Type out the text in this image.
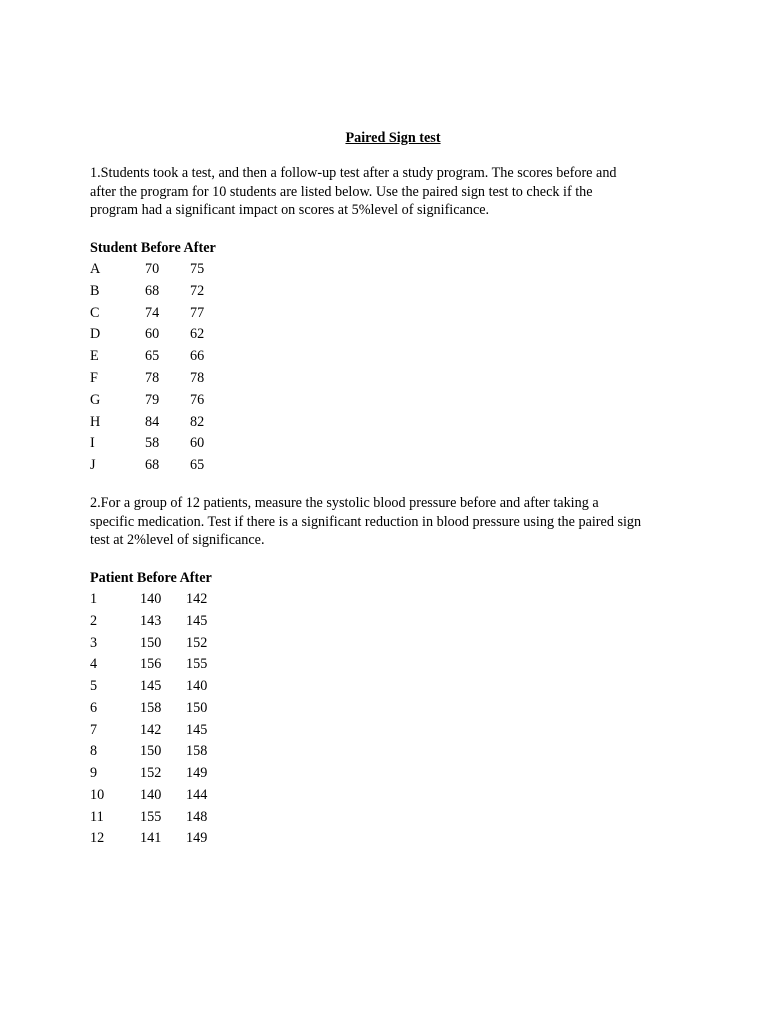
Paired Sign test
1.Students took a test, and then a follow-up test after a study program. The scores before and
after the program for 10 students are listed below. Use the paired sign test to check if the
program had a significant impact on scores at 5%level of significance.
Student Before After
A	70 75
B	68 72
C	74 77
D	60 62
E	65 66
F	78 78
G	79 76
H	84 82
I	58 60
J	68 65
2.For a group of 12 patients, measure the systolic blood pressure before and after taking a
specific medication. Test if there is a significant reduction in blood pressure using the paired sign
test at 2%level of significance.
Patient Before After
1	140 142
2	143 145
3	150 152
4	156 155
5	145 140
6	158 150
7	142 145
8	150 158
9	152 149
10	140 144
11	155 148
12	141 149
